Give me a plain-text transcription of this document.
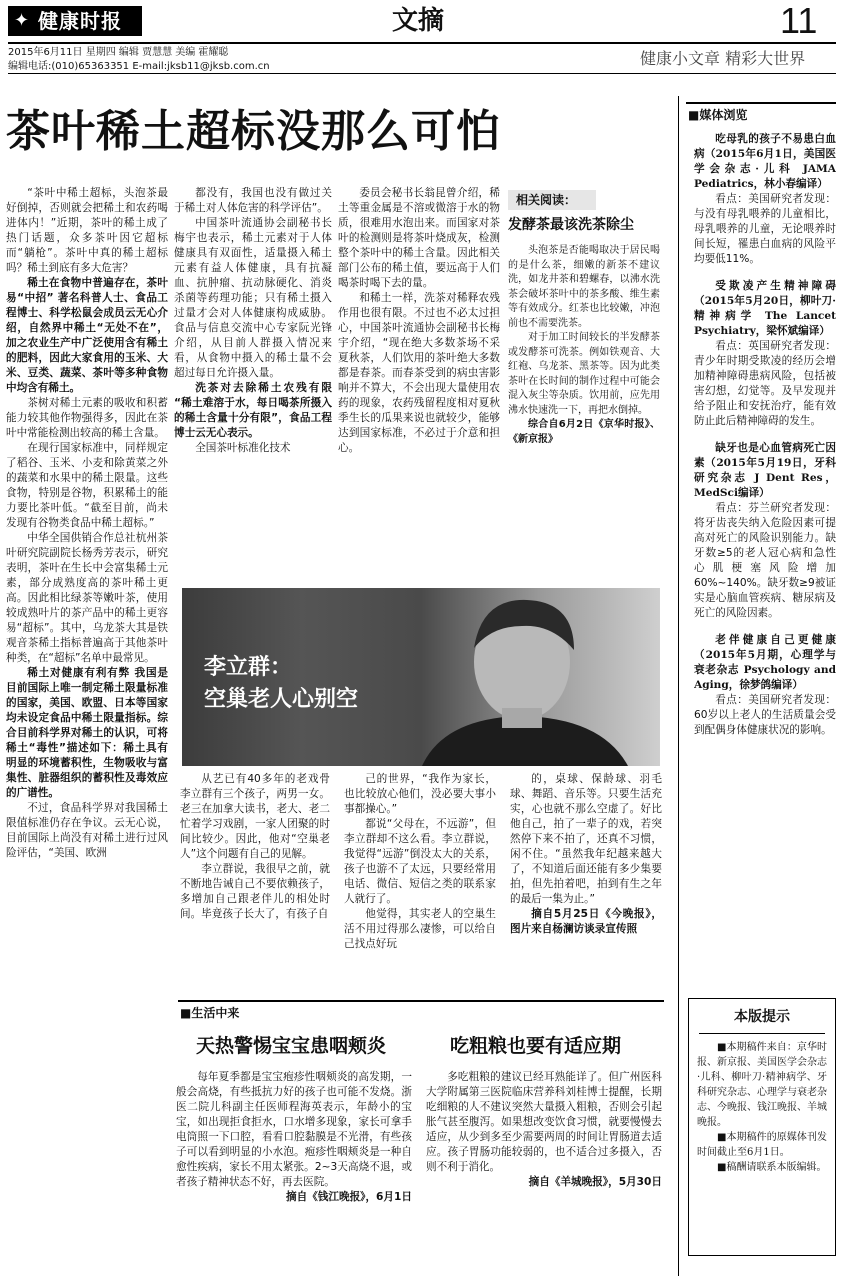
✦ 健康时报	文摘	11
2015年6月11日 星期四 编辑 贾慧慧 美编 霍耀聪
编辑电话:(010)65363351 E-mail:jksb11@jksb.com.cn	健康小文章 精彩大世界
茶叶稀土超标没那么可怕

“茶叶中稀土超标，头泡茶最好倒掉，否则就会把稀土和农药喝进体内！”近期，茶叶的稀土成了热门话题，众多茶叶因它超标而“躺枪”。茶叶中真的稀土超标吗？稀土到底有多大危害？

稀土在食物中普遍存在，茶叶易“中招” 著名科普人士、食品工程博士、科学松鼠会成员云无心介绍，自然界中稀土“无处不在”，加之农业生产中广泛使用含有稀土的肥料，因此大家食用的玉米、大米、豆类、蔬菜、茶叶等多种食物中均含有稀土。

茶树对稀土元素的吸收和积蓄能力较其他作物强得多，因此在茶叶中常能检测出较高的稀土含量。

在现行国家标准中，同样规定了稻谷、玉米、小麦和除黄菜之外的蔬菜和水果中的稀土限量。这些食物，特别是谷物，积累稀土的能力要比茶叶低。“截至目前，尚未发现有谷物类食品中稀土超标。”

中华全国供销合作总社杭州茶叶研究院副院长杨秀芳表示，研究表明，茶叶在生长中会富集稀土元素，部分成熟度高的茶叶稀土更高。因此相比绿茶等嫩叶茶，使用较成熟叶片的茶产品中的稀土更容易“超标”。其中，乌龙茶大其是铁观音茶稀土指标普遍高于其他茶叶种类，在“超标”名单中最常见。

稀土对健康有利有弊 我国是目前国际上唯一制定稀土限量标准的国家，美国、欧盟、日本等国家均未设定食品中稀土限量指标。综合目前科学界对稀土的认识，可将稀土“毒性”描述如下：稀土具有明显的环境蓄积性，生物吸收与富集性、脏器组织的蓄积性及毒效应的广谱性。

不过，食品科学界对我国稀土限值标准仍存在争议。云无心说，目前国际上尚没有对稀土进行过风险评估，“美国、欧洲

都没有，我国也没有做过关于稀土对人体危害的科学评估”。

中国茶叶流通协会副秘书长梅宇也表示，稀土元素对于人体健康具有双面性，适量摄入稀土元素有益人体健康，具有抗凝血、抗肿瘤、抗动脉硬化、消炎杀菌等药理功能；只有稀土摄入过量才会对人体健康构成威胁。食品与信息交流中心专家阮光锋介绍，从目前人群摄入情况来看，从食物中摄入的稀土量不会超过每日允许摄入量。

洗茶对去除稀土农残有限 “稀土难溶于水，每日喝茶所摄入的稀土含量十分有限”，食品工程博士云无心表示。

全国茶叶标准化技术

委员会秘书长翁昆曾介绍，稀土等重金属是不溶或微溶于水的物质，很难用水泡出来。而国家对茶叶的检测则是将茶叶烧成灰，检测整个茶叶中的稀土含量。因此相关部门公布的稀土值，要远高于人们喝茶时喝下去的量。

和稀土一样，洗茶对稀释农残作用也很有限。不过也不必太过担心，中国茶叶流通协会副秘书长梅宇介绍，“现在绝大多数茶场不采夏秋茶，人们饮用的茶叶绝大多数都是春茶。而春茶受到的病虫害影响并不算大，不会出现大量使用农药的现象，农药残留程度相对夏秋季生长的瓜果来说也就较少，能够达到国家标准，不必过于介意和担心。

相关阅读：
发酵茶最该洗茶除尘

头泡茶是否能喝取决于居民喝的是什么茶，细嫩的新茶不建议洗，如龙井茶和碧螺春，以沸水洗茶会破坏茶叶中的茶多酸、维生素等有效成分。红茶也比较嫩，冲泡前也不需要洗茶。

对于加工时间较长的半发酵茶或发酵茶可洗茶。例如铁观音、大红袍、乌龙茶、黑茶等。因为此类茶叶在长时间的制作过程中可能会混入灰尘等杂质。饮用前，应先用沸水快速洗一下，再把水倒掉。

综合自6月2日《京华时报》、《新京报》

李立群：
空巢老人心别空

从艺已有40多年的老戏骨李立群有三个孩子，两男一女。老三在加拿大读书，老大、老二忙着学习戏剧，一家人团聚的时间比较少。因此，他对“空巢老人”这个问题有自己的见解。

李立群说，我很早之前，就不断地告诫自己不要依赖孩子，多增加自己跟老伴儿的相处时间。毕竟孩子长大了，有孩子自

己的世界，“我作为家长，也比较放心他们，没必要大事小事都操心。”

都说“父母在，不远游”，但李立群却不这么看。李立群说，我觉得“远游”倒没太大的关系，孩子也游不了太远，只要经常用电话、微信、短信之类的联系家人就行了。

他觉得，其实老人的空巢生活不用过得那么凄惨，可以给自己找点好玩

的，桌球、保龄球、羽毛球、舞蹈、音乐等。只要生活充实，心也就不那么空虚了。好比他自己，拍了一辈子的戏，若突然停下来不拍了，还真不习惯，闲不住。“虽然我年纪越来越大了，不知道后面还能有多少集要拍，但先拍着吧，拍到有生之年的最后一集为止。”

摘自5月25日《今晚报》，图片来自杨澜访谈录宣传照

■生活中来
天热警惕宝宝患咽颊炎

每年夏季都是宝宝疱疹性咽颊炎的高发期，一般会高烧，有些抵抗力好的孩子也可能不发烧。浙医二院儿科副主任医师程海英表示，年龄小的宝宝，如出现拒食拒水，口水增多现象，家长可拿手电筒照一下口腔，看看口腔黏膜是不光滑，有些孩子可以看到明显的小水泡。疱疹性咽颊炎是一种自愈性疾病，家长不用太紧张。2~3天高烧不退，或者孩子精神状态不好，再去医院。

摘自《钱江晚报》，6月1日

吃粗粮也要有适应期

多吃粗粮的建议已经耳熟能详了。但广州医科大学附属第三医院临床营养科刘桂博士提醒，长期吃细粮的人不建议突然大量摄入粗粮，否则会引起胀气甚至腹泻。如果想改变饮食习惯，就要慢慢去适应，从少到多至少需要两周的时间让胃肠道去适应。孩子胃肠功能较弱的，也不适合过多摄入，否则不利于消化。

摘自《羊城晚报》，5月30日

■媒体浏览

吃母乳的孩子不易患白血病（2015年6月1日，美国医学会杂志·儿科 JAMA Pediatrics，林小春编译）

看点：美国研究者发现：与没有母乳喂养的儿童相比，母乳喂养的儿童，无论喂养时间长短，罹患白血病的风险平均要低11%。

受欺凌产生精神障碍（2015年5月20日，柳叶刀·精神病学 The Lancet Psychiatry，梁怀斌编译）

看点：英国研究者发现：青少年时期受欺凌的经历会增加精神障碍患病风险，包括被害幻想，幻觉等。及早发现并给予阻止和安抚治疗，能有效防止此后精神障碍的发生。

缺牙也是心血管病死亡因素（2015年5月19日，牙科研究杂志 J Dent Res，MedSci编译）

看点：芬兰研究者发现：将牙齿丧失纳入危险因素可提高对死亡的风险识别能力。缺牙数≥5的老人冠心病和急性心肌梗塞风险增加60%~140%。缺牙数≥9被证实是心脑血管疾病、糖尿病及死亡的风险因素。

老伴健康自己更健康（2015年5月期，心理学与衰老杂志 Psychology and Aging，徐梦鸽编译）

看点：美国研究者发现：60岁以上老人的生活质量会受到配偶身体健康状况的影响。

本版提示

■本期稿件来自：京华时报、新京报、美国医学会杂志·儿科、柳叶刀·精神病学、牙科研究杂志、心理学与衰老杂志、今晚报、钱江晚报、羊城晚报。

■本期稿件的原媒体刊发时间截止至6月1日。

■稿酬请联系本版编辑。
